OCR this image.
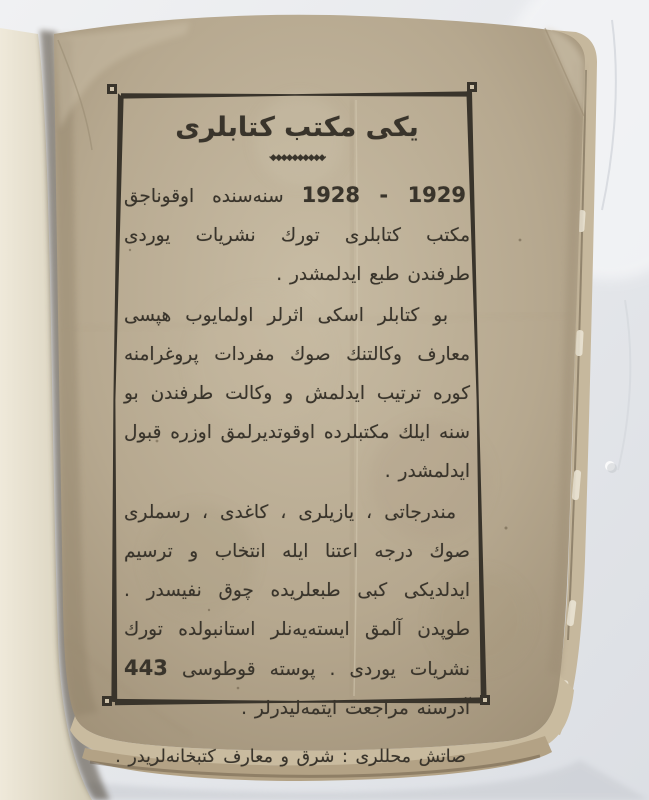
يكى مكتب كتابلرى
·◆◆◆◆◆◆◆◆◆◆·

1929 - 1928 سنه‌سنده اوقوناجق مكتب كتابلرى تورك نشريات يوردى طرفندن طبع ايدلمشدر .

بو كتابلر اسكى اثرلر اولمايوب هپسى معارف وكالتنك صوك مفردات پروغرامنه كوره ترتيب ايدلمش و وكالت طرفندن بو سنه ايلك مكتبلرده اوقوتديرلمق اوزره قبول ايدلمشدر .

مندرجاتى ، يازيلرى ، كاغدى ، رسملرى صوك درجه اعتنا ايله انتخاب و ترسيم ايدلديكى كبى طبعلريده چوق نفيسدر . طوپدن آلمق ايسته‌يه‌نلر استانبولده تورك نشريات يوردى . پوسته قوطوسى 443 آدرسنه مراجعت ايتمه‌ليدرلر .

صاتش محللرى : شرق و معارف كتبخانه‌لريدر .
